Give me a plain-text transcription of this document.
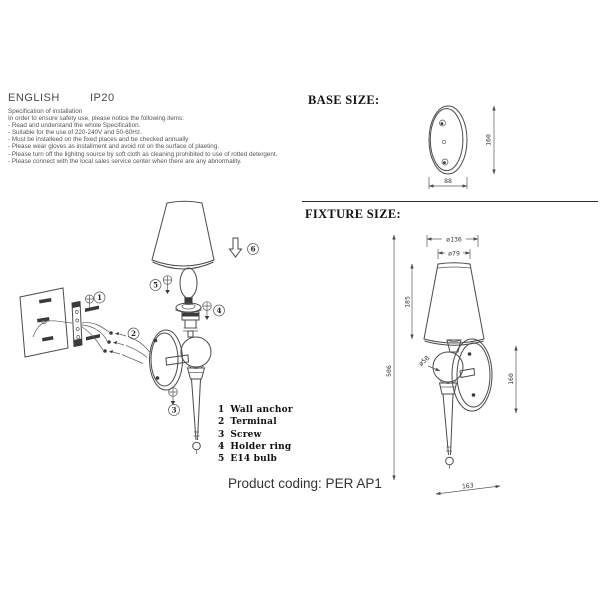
ENGLISH	IP20
Specification of installation
In order to ensure safety use, please notice the following items:
- Read and understand the whole Specification.
- Suitable for the use of 220-240V and 50-60Hz.
- Must be installeed on the fixed places and be checked annually
- Please wear gloves as installment and avoid rot on the surface of plaeting.
- Please turn off the lighitng source by soft cloth as cleaning prohibited to use of rotted detergent.
- Please connect with the local sales service center when there are any abnormality.
BASE SIZE:
FIXTURE SIZE:
160
88
ø136
ø79
185
506
160
ø50
163
6
5
4
3
1
2
1 Wall anchor
2 Terminal
3 Screw
4 Holder ring
5 E14 bulb
Product coding: PER AP1
